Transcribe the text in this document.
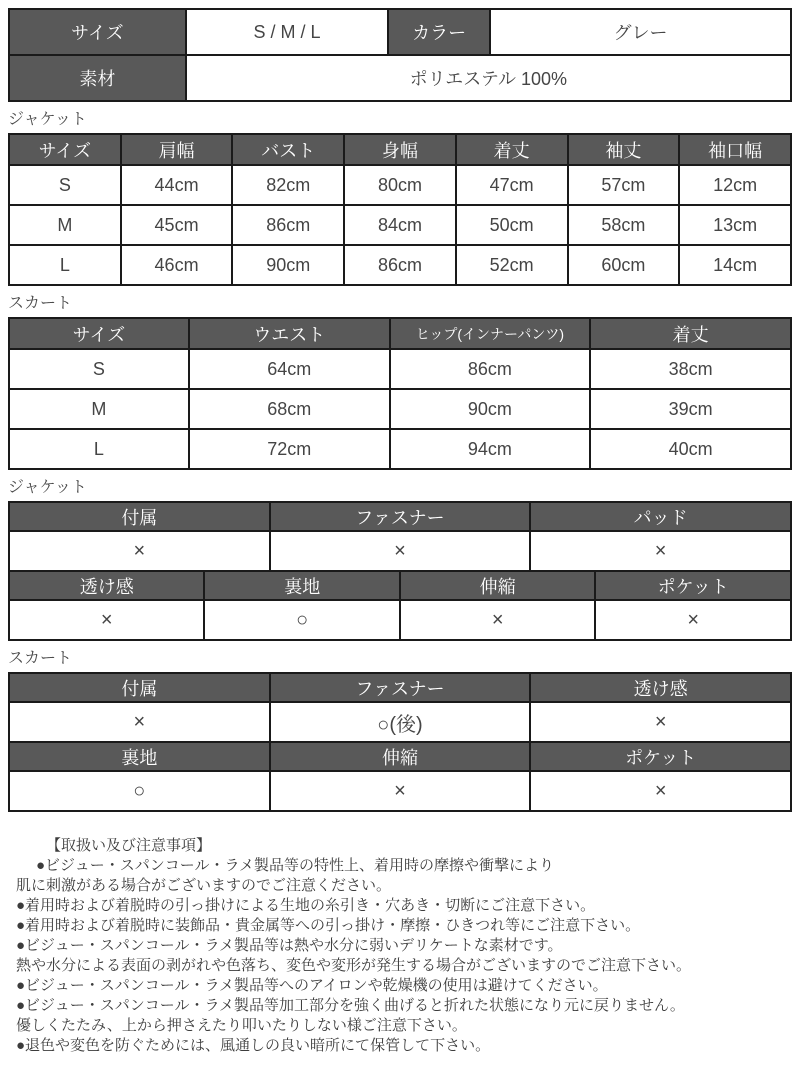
サイズ	S / M / L	カラー	グレー
素材	ポリエステル 100%		
ジャケット
サイズ	肩幅	バスト	身幅	着丈	袖丈	袖口幅
S	44cm	82cm	80cm	47cm	57cm	12cm
M	45cm	86cm	84cm	50cm	58cm	13cm
L	46cm	90cm	86cm	52cm	60cm	14cm
スカート
サイズ	ウエスト	ヒップ(インナーパンツ)	着丈
S	64cm	86cm	38cm
M	68cm	90cm	39cm
L	72cm	94cm	40cm
ジャケット
付属		ファスナー		パッド	
×		×		×	
透け感	裏地		伸縮		ポケット
×	○		×		×
スカート
付属	ファスナー	透け感
×	○(後)	×
裏地	伸縮	ポケット
○	×	×
【取扱い及び注意事項】
●ビジュー・スパンコール・ラメ製品等の特性上、着用時の摩擦や衝撃により
肌に刺激がある場合がございますのでご注意ください。
●着用時および着脱時の引っ掛けによる生地の糸引き・穴あき・切断にご注意下さい。
●着用時および着脱時に装飾品・貴金属等への引っ掛け・摩擦・ひきつれ等にご注意下さい。
●ビジュー・スパンコール・ラメ製品等は熱や水分に弱いデリケートな素材です。
熱や水分による表面の剥がれや色落ち、変色や変形が発生する場合がございますのでご注意下さい。
●ビジュー・スパンコール・ラメ製品等へのアイロンや乾燥機の使用は避けてください。
●ビジュー・スパンコール・ラメ製品等加工部分を強く曲げると折れた状態になり元に戻りません。
優しくたたみ、上から押さえたり叩いたりしない様ご注意下さい。
●退色や変色を防ぐためには、風通しの良い暗所にて保管して下さい。
